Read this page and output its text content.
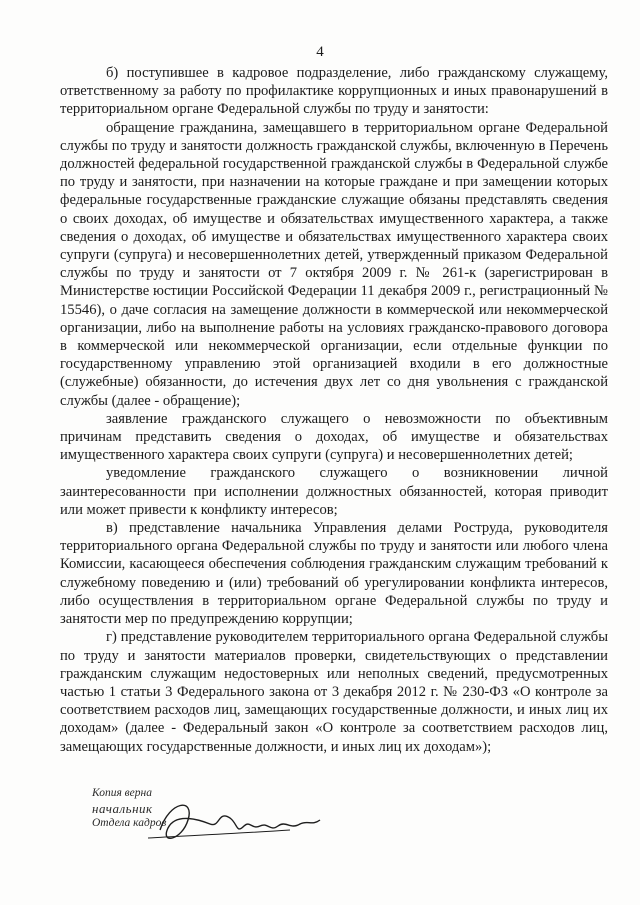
4

б) поступившее в кадровое подразделение, либо гражданскому служащему, ответственному за работу по профилактике коррупционных и иных правонарушений в территориальном органе Федеральной службы по труду и занятости:

обращение гражданина, замещавшего в территориальном органе Федеральной службы по труду и занятости должность гражданской службы, включенную в Перечень должностей федеральной государственной гражданской службы в Федеральной службе по труду и занятости, при назначении на которые граждане и при замещении которых федеральные государственные гражданские служащие обязаны представлять сведения о своих доходах, об имуществе и обязательствах имущественного характера, а также сведения о доходах, об имуществе и обязательствах имущественного характера своих супруги (супруга) и несовершеннолетних детей, утвержденный приказом Федеральной службы по труду и занятости от 7 октября 2009 г. № 261-к (зарегистрирован в Министерстве юстиции Российской Федерации 11 декабря 2009 г., регистрационный № 15546), о даче согласия на замещение должности в коммерческой или некоммерческой организации, либо на выполнение работы на условиях гражданско-правового договора в коммерческой или некоммерческой организации, если отдельные функции по государственному управлению этой организацией входили в его должностные (служебные) обязанности, до истечения двух лет со дня увольнения с гражданской службы (далее - обращение);

заявление гражданского служащего о невозможности по объективным причинам представить сведения о доходах, об имуществе и обязательствах имущественного характера своих супруги (супруга) и несовершеннолетних детей;

уведомление гражданского служащего о возникновении личной заинтересованности при исполнении должностных обязанностей, которая приводит или может привести к конфликту интересов;

в) представление начальника Управления делами Роструда, руководителя территориального органа Федеральной службы по труду и занятости или любого члена Комиссии, касающееся обеспечения соблюдения гражданским служащим требований к служебному поведению и (или) требований об урегулировании конфликта интересов, либо осуществления в территориальном органе Федеральной службы по труду и занятости мер по предупреждению коррупции;

г) представление руководителем территориального органа Федеральной службы по труду и занятости материалов проверки, свидетельствующих о представлении гражданским служащим недостоверных или неполных сведений, предусмотренных частью 1 статьи 3 Федерального закона от 3 декабря 2012 г. № 230-ФЗ «О контроле за соответствием расходов лиц, замещающих государственные должности, и иных лиц их доходам» (далее - Федеральный закон «О контроле за соответствием расходов лиц, замещающих государственные должности, и иных лиц их доходам»);

Копия верна
начальник
Отдела кадров
